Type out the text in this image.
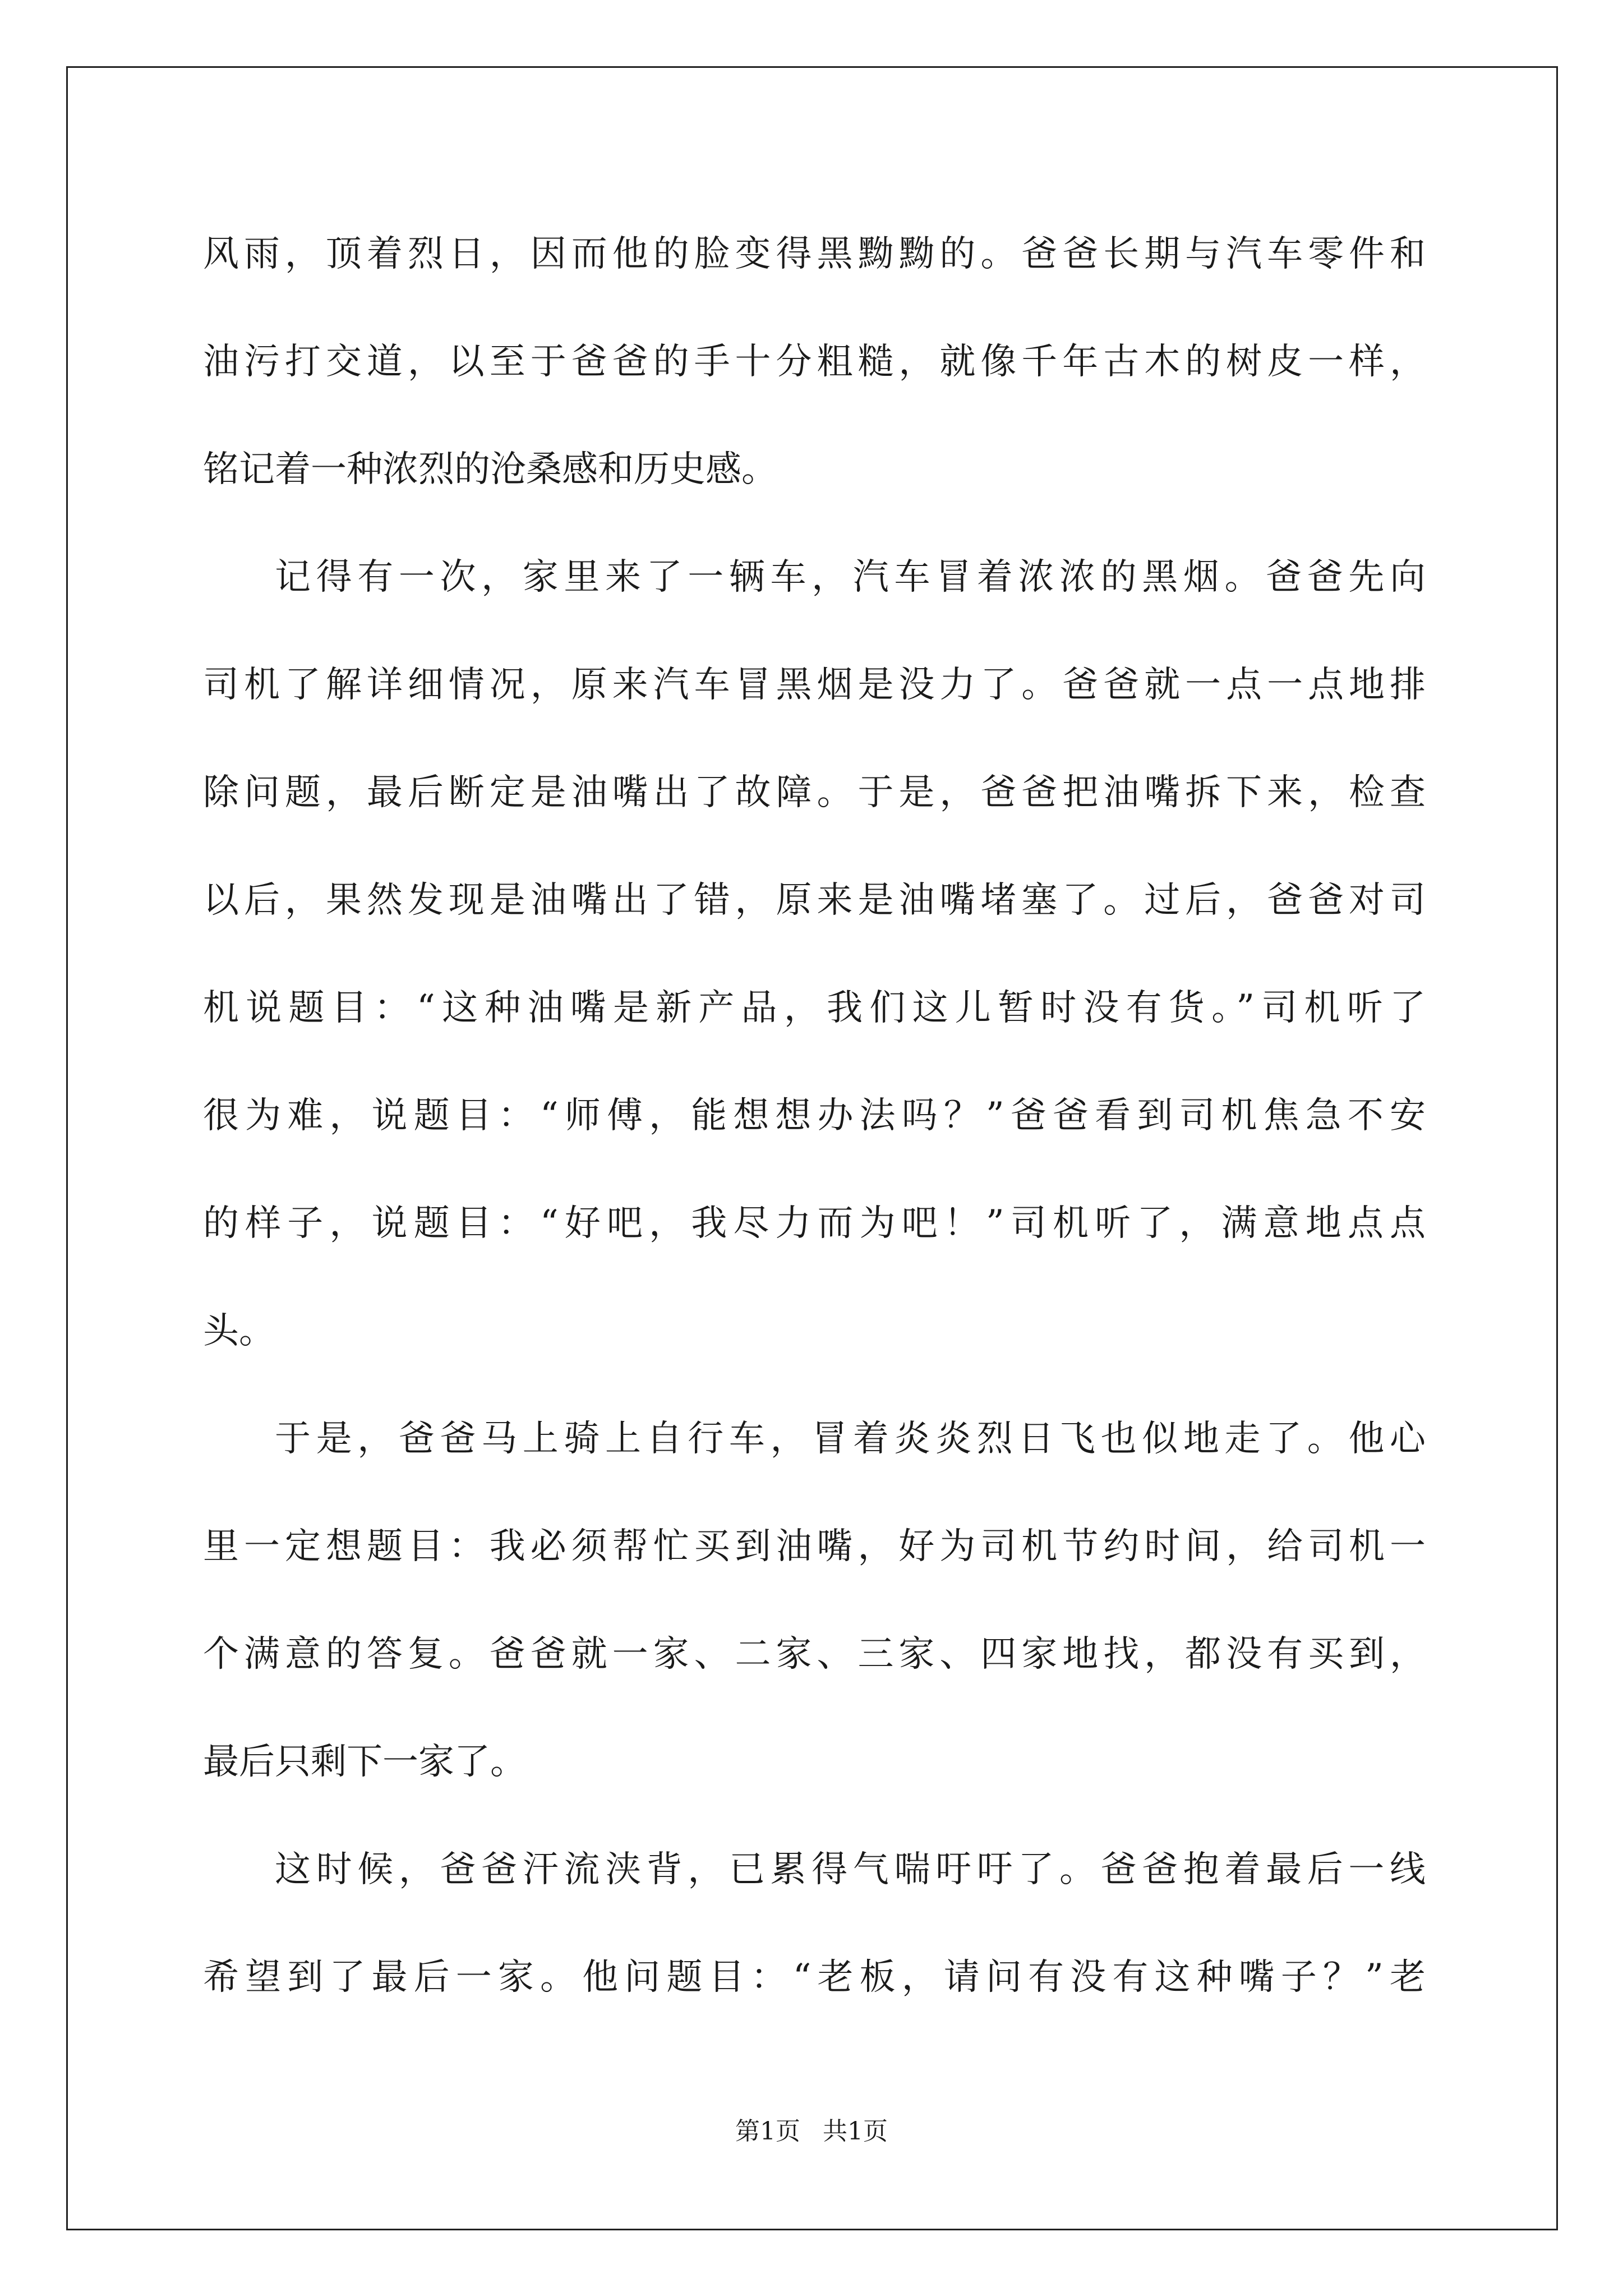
风雨，顶着烈日，因而他的脸变得黑黝黝的。爸爸长期与汽车零件和
油污打交道，以至于爸爸的手十分粗糙，就像千年古木的树皮一样，
铭记着一种浓烈的沧桑感和历史感。
记得有一次，家里来了一辆车，汽车冒着浓浓的黑烟。爸爸先向
司机了解详细情况，原来汽车冒黑烟是没力了。爸爸就一点一点地排
除问题，最后断定是油嘴出了故障。于是，爸爸把油嘴拆下来，检查
以后，果然发现是油嘴出了错，原来是油嘴堵塞了。过后，爸爸对司
机说题目：“这种油嘴是新产品，我们这儿暂时没有货。”司机听了
很为难，说题目：“师傅，能想想办法吗？”爸爸看到司机焦急不安
的样子，说题目：“好吧，我尽力而为吧！”司机听了，满意地点点
头。
于是，爸爸马上骑上自行车，冒着炎炎烈日飞也似地走了。他心
里一定想题目：我必须帮忙买到油嘴，好为司机节约时间，给司机一
个满意的答复。爸爸就一家、二家、三家、四家地找，都没有买到，
最后只剩下一家了。
这时候，爸爸汗流浃背，已累得气喘吁吁了。爸爸抱着最后一线
希望到了最后一家。他问题目：“老板，请问有没有这种嘴子？”老
第1页 共1页
